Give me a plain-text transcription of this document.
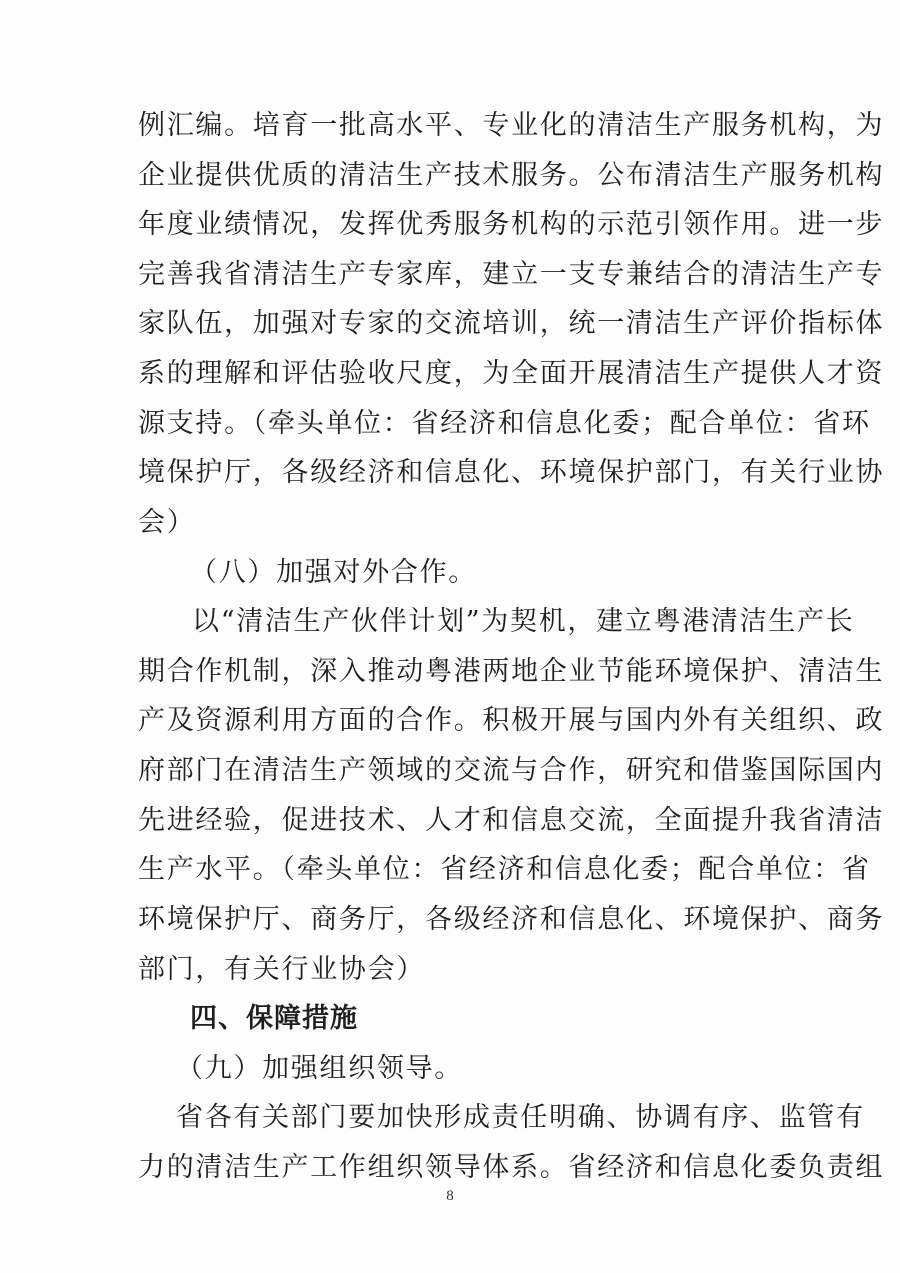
8

例汇编。培育一批高水平、专业化的清洁生产服务机构，为

企业提供优质的清洁生产技术服务。公布清洁生产服务机构

年度业绩情况，发挥优秀服务机构的示范引领作用。进一步

完善我省清洁生产专家库，建立一支专兼结合的清洁生产专

家队伍，加强对专家的交流培训，统一清洁生产评价指标体

系的理解和评估验收尺度，为全面开展清洁生产提供人才资

源支持。（牵头单位：省经济和信息化委；配合单位：省环

境保护厅，各级经济和信息化、环境保护部门，有关行业协

会）

（八）加强对外合作。

以“清洁生产伙伴计划”为契机，建立粤港清洁生产长

期合作机制，深入推动粤港两地企业节能环境保护、清洁生

产及资源利用方面的合作。积极开展与国内外有关组织、政

府部门在清洁生产领域的交流与合作，研究和借鉴国际国内

先进经验，促进技术、人才和信息交流，全面提升我省清洁

生产水平。（牵头单位：省经济和信息化委；配合单位：省

环境保护厅、商务厅，各级经济和信息化、环境保护、商务

部门，有关行业协会）

四、保障措施

（九）加强组织领导。

省各有关部门要加快形成责任明确、协调有序、监管有

力的清洁生产工作组织领导体系。省经济和信息化委负责组
